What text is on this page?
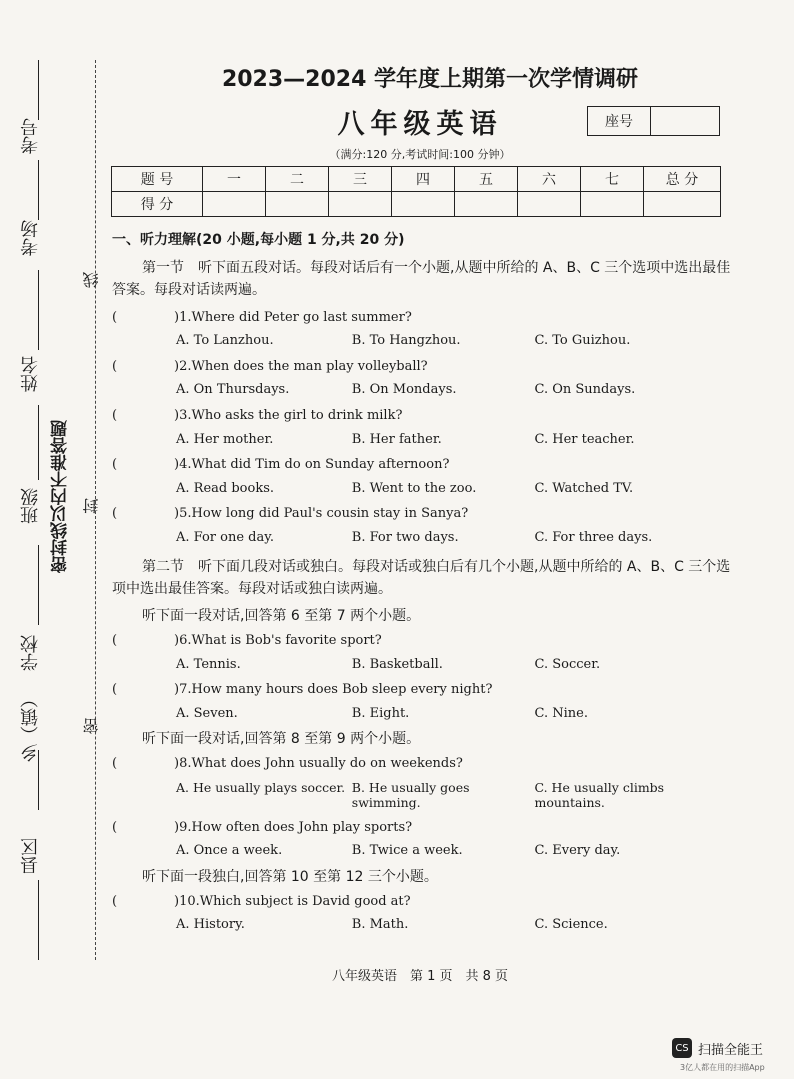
考号
考场
姓名
班级
学校
乡（镇）
县区
线
封
密
密封线以内不准答题
2023—2024 学年度上期第一次学情调研
八年级英语	座号
（满分:120 分,考试时间:100 分钟）
题 号	一	二	三	四	五	六	七	总 分
得 分								
一、听力理解(20 小题,每小题 1 分,共 20 分)
第一节　听下面五段对话。每段对话后有一个小题,从题中所给的 A、B、C 三个选项中选出最佳答案。每段对话读两遍。
(　　	)1. Where did Peter go last summer?
A. To Lanzhou.	B. To Hangzhou.	C. To Guizhou.
(　　	)2. When does the man play volleyball?
A. On Thursdays.	B. On Mondays.	C. On Sundays.
(　　	)3. Who asks the girl to drink milk?
A. Her mother.	B. Her father.	C. Her teacher.
(　　	)4. What did Tim do on Sunday afternoon?
A. Read books.	B. Went to the zoo.	C. Watched TV.
(　　	)5. How long did Paul's cousin stay in Sanya?
A. For one day.	B. For two days.	C. For three days.
第二节　听下面几段对话或独白。每段对话或独白后有几个小题,从题中所给的 A、B、C 三个选项中选出最佳答案。每段对话或独白读两遍。
听下面一段对话,回答第 6 至第 7 两个小题。
(　　	)6. What is Bob's favorite sport?
A. Tennis.	B. Basketball.	C. Soccer.
(　　	)7. How many hours does Bob sleep every night?
A. Seven.	B. Eight.	C. Nine.
听下面一段对话,回答第 8 至第 9 两个小题。
(　　	)8. What does John usually do on weekends?
A. He usually plays soccer. B. He usually goes swimming.
C. He usually climbs mountains.
(　　	)9. How often does John play sports?
A. Once a week.	B. Twice a week.	C. Every day.
听下面一段独白,回答第 10 至第 12 三个小题。
(　　	)10. Which subject is David good at?
A. History.	B. Math.	C. Science.
八年级英语　第 1 页　共 8 页
CS 扫描全能王
3亿人都在用的扫描App
